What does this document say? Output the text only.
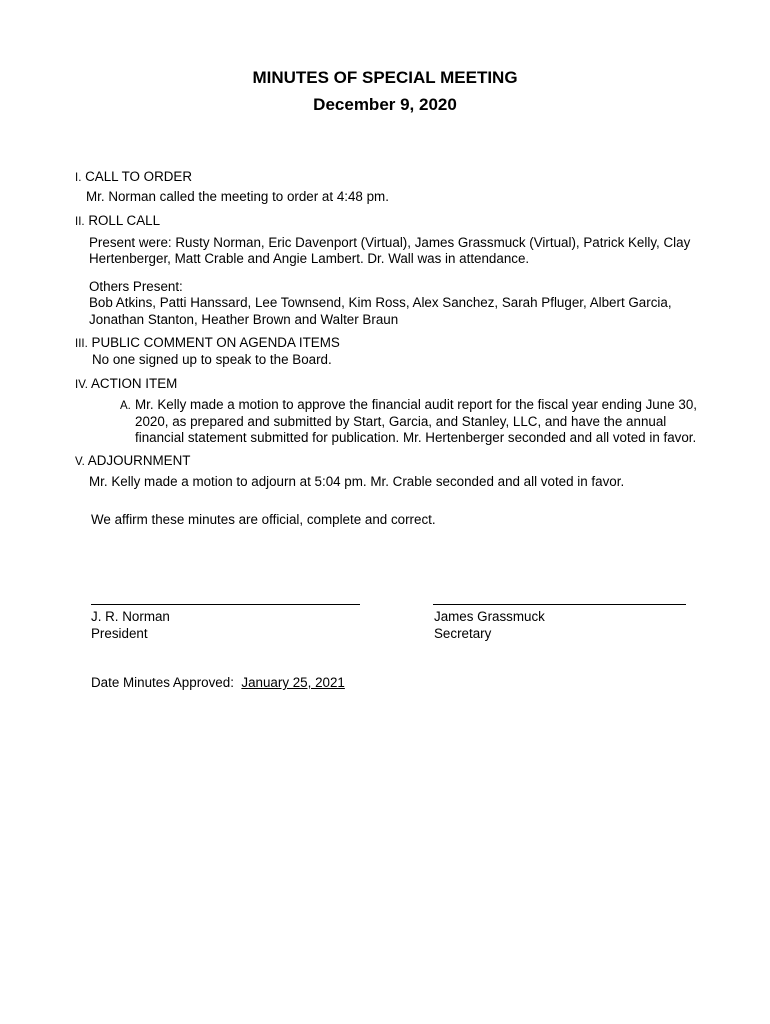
MINUTES OF SPECIAL MEETING
December 9, 2020
I. CALL TO ORDER
Mr. Norman called the meeting to order at 4:48 pm.
II. ROLL CALL
Present were: Rusty Norman, Eric Davenport (Virtual), James Grassmuck (Virtual), Patrick Kelly, Clay
Hertenberger, Matt Crable and Angie Lambert. Dr. Wall was in attendance.
Others Present:
Bob Atkins, Patti Hanssard, Lee Townsend, Kim Ross, Alex Sanchez, Sarah Pfluger, Albert Garcia,
Jonathan Stanton, Heather Brown and Walter Braun
III. PUBLIC COMMENT ON AGENDA ITEMS
No one signed up to speak to the Board.
IV. ACTION ITEM
A. Mr. Kelly made a motion to approve the financial audit report for the fiscal year ending June 30,
2020, as prepared and submitted by Start, Garcia, and Stanley, LLC, and have the annual
financial statement submitted for publication. Mr. Hertenberger seconded and all voted in favor.
V. ADJOURNMENT
Mr. Kelly made a motion to adjourn at 5:04 pm. Mr. Crable seconded and all voted in favor.
We affirm these minutes are official, complete and correct.
J. R. Norman
President
James Grassmuck
Secretary
Date Minutes Approved: January 25, 2021
